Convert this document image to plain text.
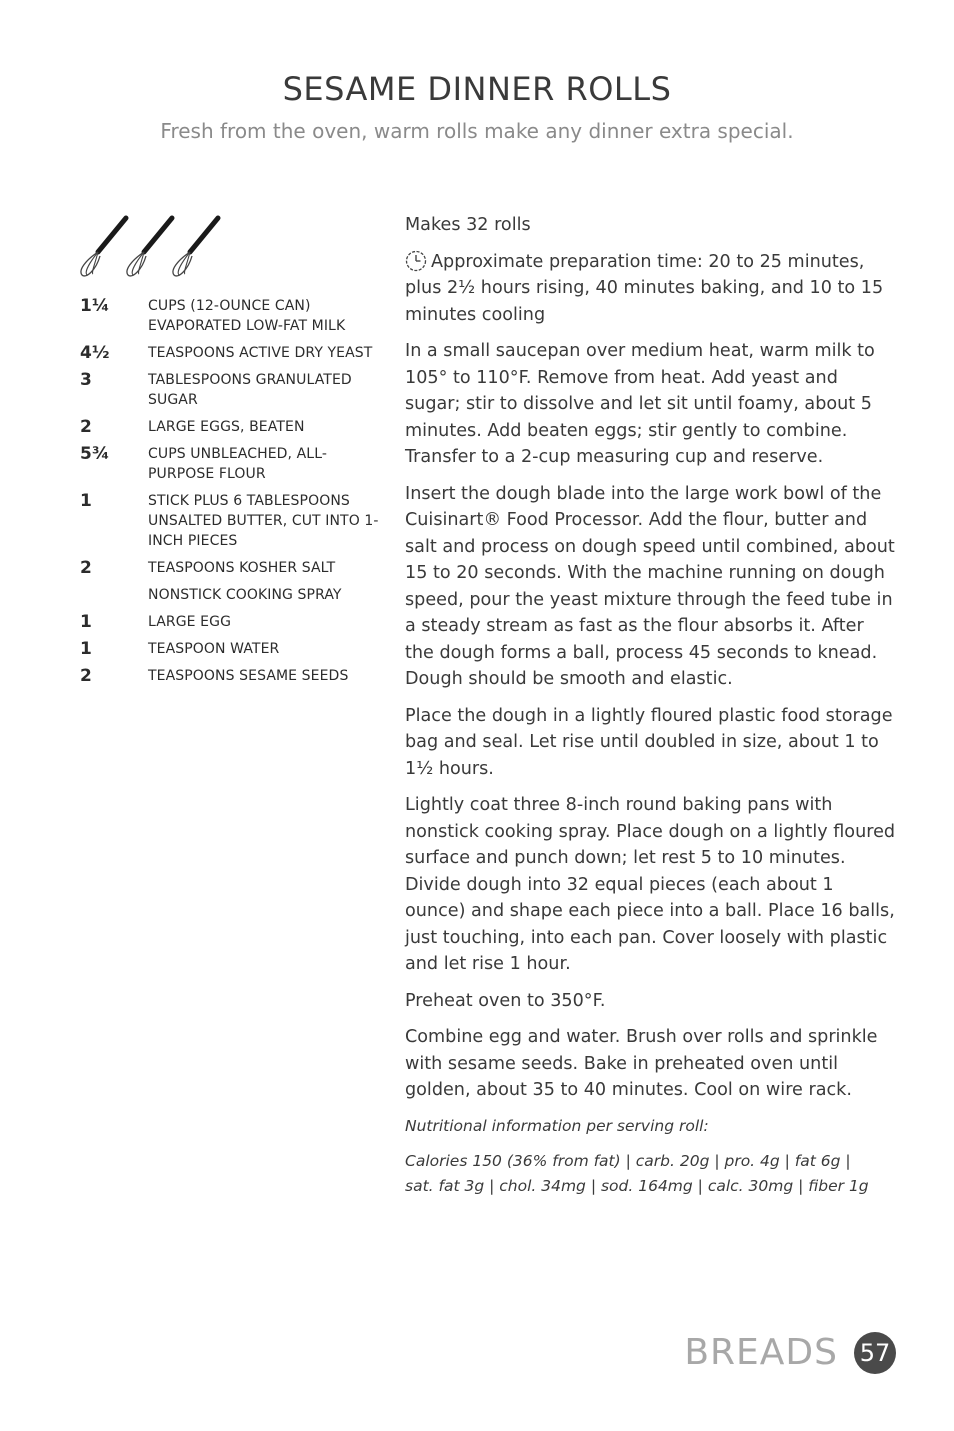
SESAME DINNER ROLLS

Fresh from the oven, warm rolls make any dinner extra special.

1¼	CUPS (12-OUNCE CAN) EVAPORATED LOW-FAT MILK
4½	TEASPOONS ACTIVE DRY YEAST
3	TABLESPOONS GRANULATED SUGAR
2	LARGE EGGS, BEATEN
5¾	CUPS UNBLEACHED, ALL-PURPOSE FLOUR
1	STICK PLUS 6 TABLESPOONS UNSALTED BUTTER, CUT INTO 1-INCH PIECES
2	TEASPOONS KOSHER SALT
NONSTICK COOKING SPRAY
1	LARGE EGG
1	TEASPOON WATER
2	TEASPOONS SESAME SEEDS

Makes 32 rolls

Approximate preparation time: 20 to 25 minutes, plus 2½ hours rising, 40 minutes baking, and 10 to 15 minutes cooling

In a small saucepan over medium heat, warm milk to 105° to 110°F. Remove from heat. Add yeast and sugar; stir to dissolve and let sit until foamy, about 5 minutes. Add beaten eggs; stir gently to combine. Transfer to a 2-cup measuring cup and reserve.

Insert the dough blade into the large work bowl of the Cuisinart® Food Processor. Add the flour, butter and salt and process on dough speed until combined, about 15 to 20 seconds. With the machine running on dough speed, pour the yeast mixture through the feed tube in a steady stream as fast as the flour absorbs it. After the dough forms a ball, process 45 seconds to knead. Dough should be smooth and elastic.

Place the dough in a lightly floured plastic food storage bag and seal. Let rise until doubled in size, about 1 to 1½ hours.

Lightly coat three 8-inch round baking pans with nonstick cooking spray. Place dough on a lightly floured surface and punch down; let rest 5 to 10 minutes. Divide dough into 32 equal pieces (each about 1 ounce) and shape each piece into a ball. Place 16 balls, just touching, into each pan. Cover loosely with plastic and let rise 1 hour.

Preheat oven to 350°F.

Combine egg and water. Brush over rolls and sprinkle with sesame seeds. Bake in preheated oven until golden, about 35 to 40 minutes. Cool on wire rack.

Nutritional information per serving roll:

Calories 150 (36% from fat) | carb. 20g | pro. 4g | fat 6g |
sat. fat 3g | chol. 34mg | sod. 164mg | calc. 30mg | fiber 1g

BREADS 57
